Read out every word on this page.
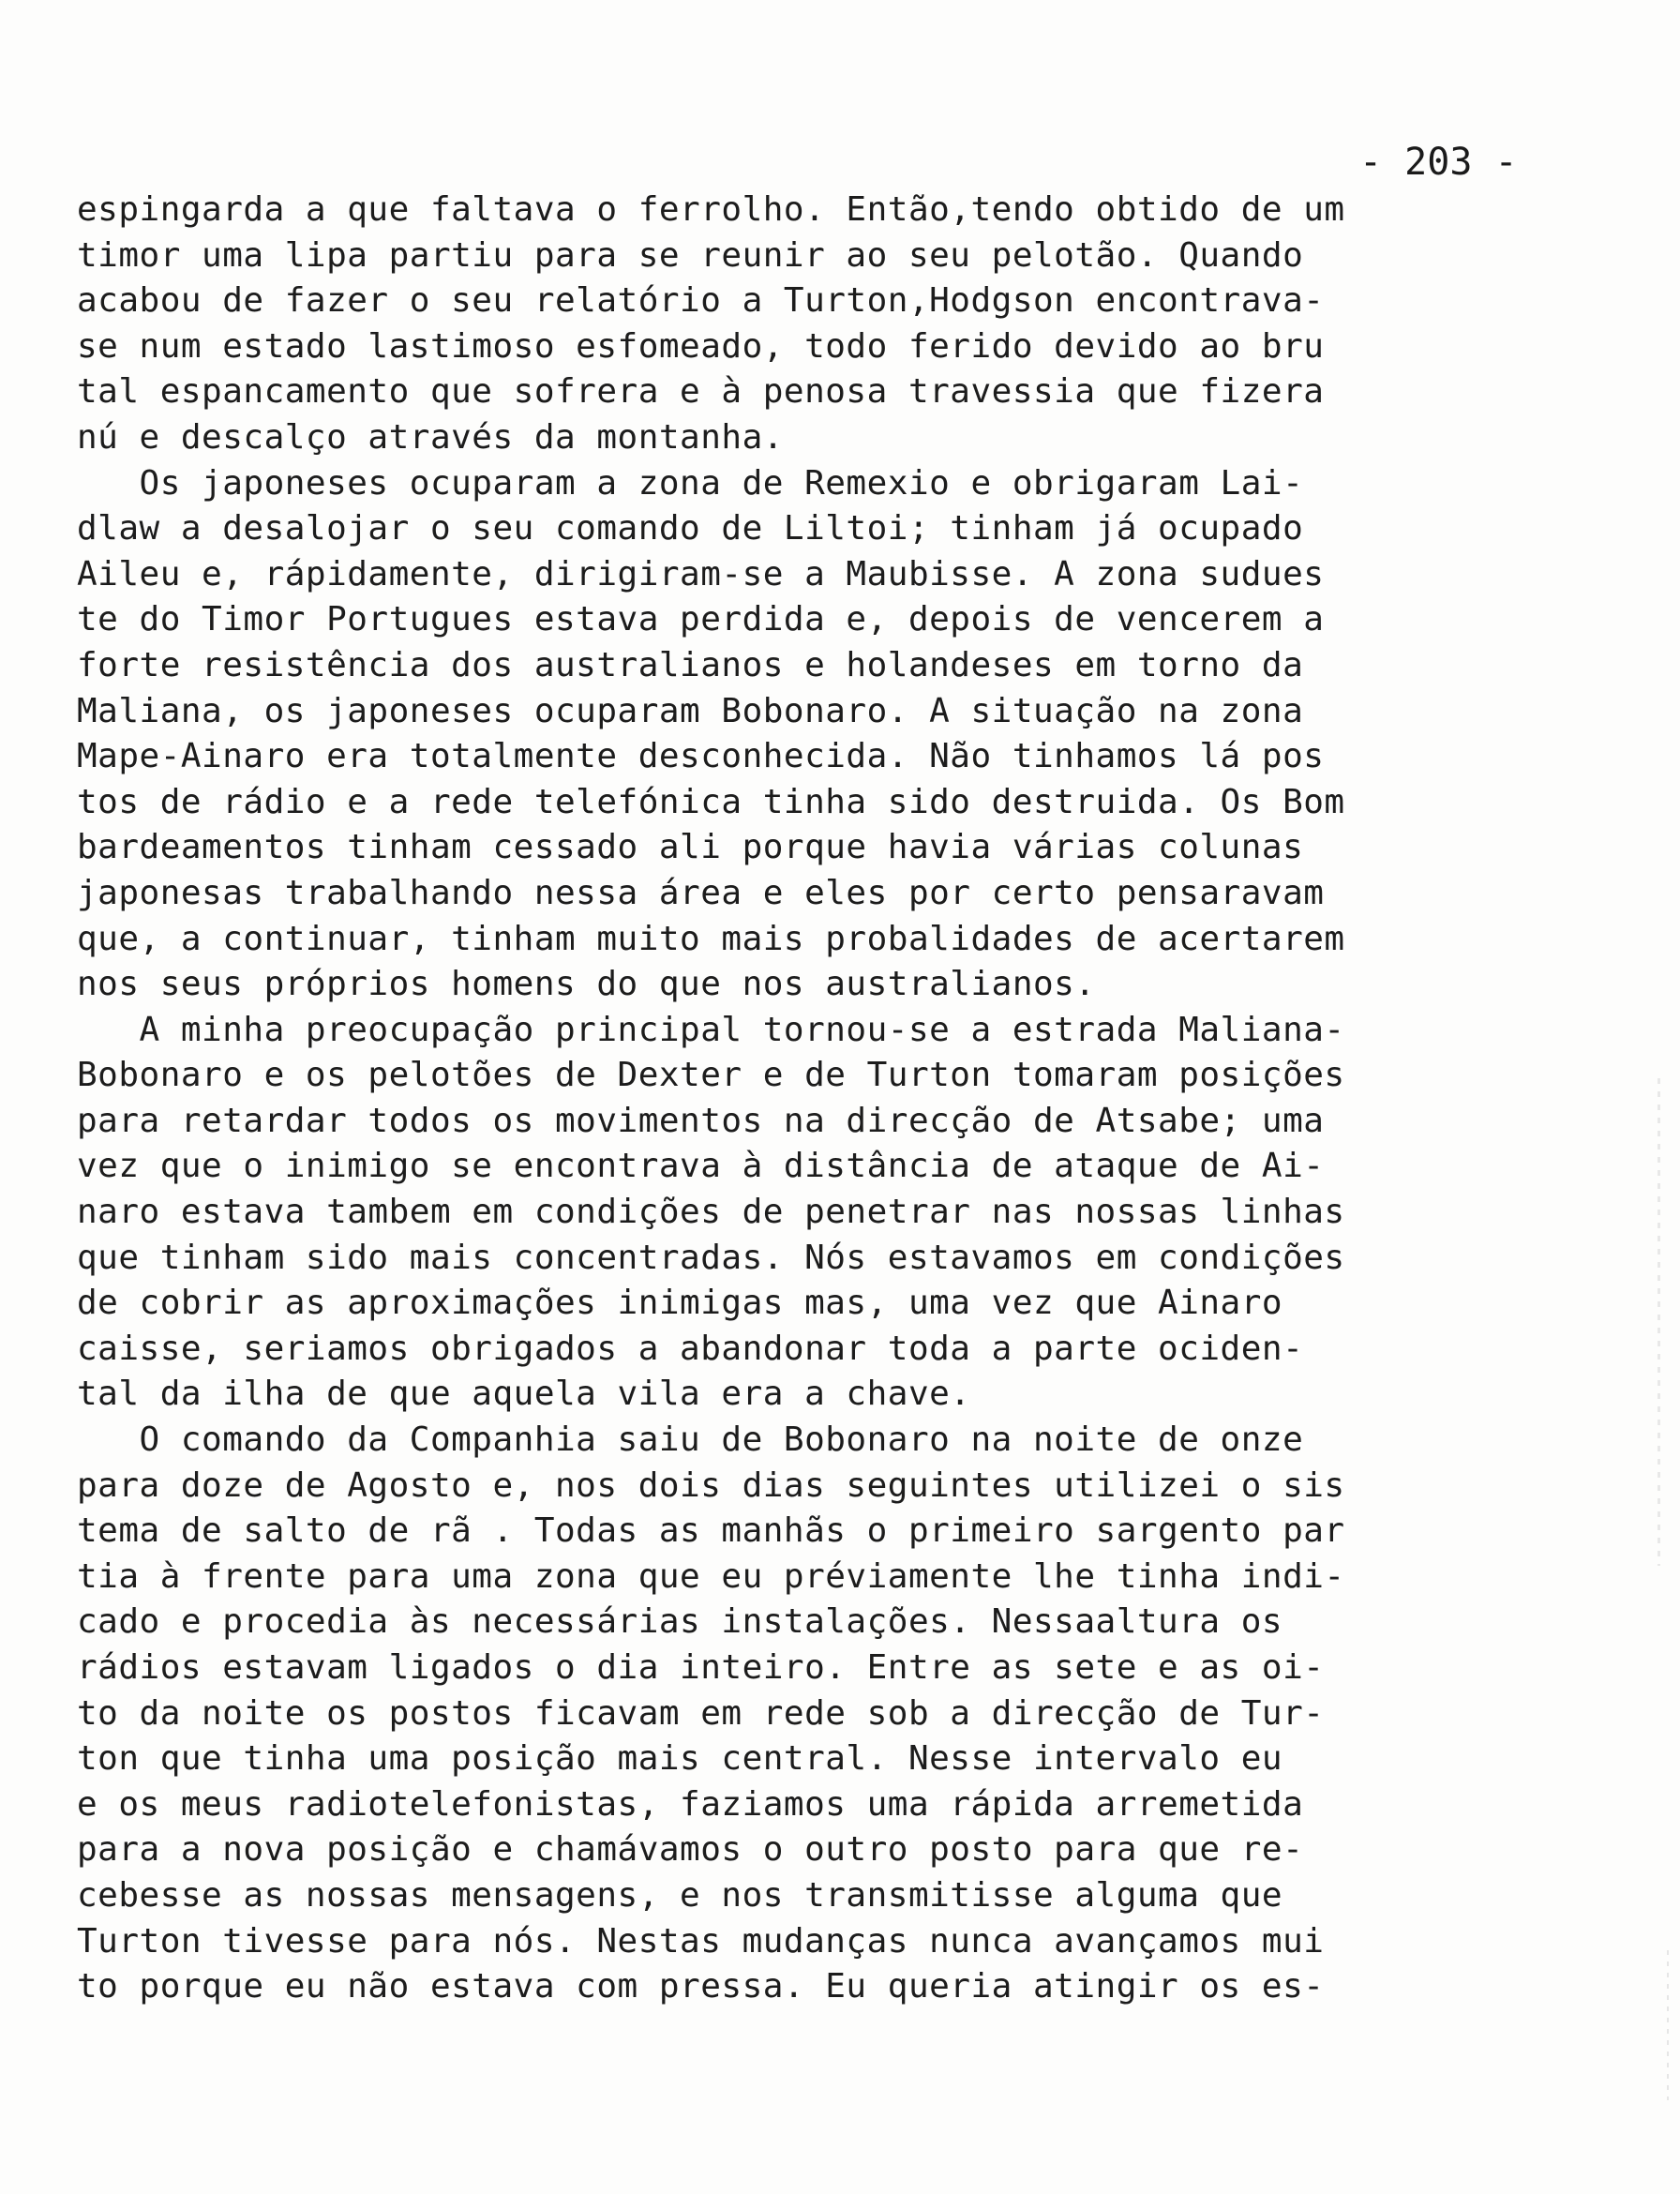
- 203 -
espingarda a que faltava o ferrolho. Então,tendo obtido de um
timor uma lipa partiu para se reunir ao seu pelotão. Quando
acabou de fazer o seu relatório a Turton,Hodgson encontrava-
se num estado lastimoso esfomeado, todo ferido devido ao bru
tal espancamento que sofrera e à penosa travessia que fizera
nú e descalço através da montanha.
Os japoneses ocuparam a zona de Remexio e obrigaram Lai-
dlaw a desalojar o seu comando de Liltoi; tinham já ocupado
Aileu e, rápidamente, dirigiram-se a Maubisse. A zona sudues
te do Timor Portugues estava perdida e, depois de vencerem a
forte resistência dos australianos e holandeses em torno da
Maliana, os japoneses ocuparam Bobonaro. A situação na zona
Mape-Ainaro era totalmente desconhecida. Não tinhamos lá pos
tos de rádio e a rede telefónica tinha sido destruida. Os Bom
bardeamentos tinham cessado ali porque havia várias colunas
japonesas trabalhando nessa área e eles por certo pensaravam
que, a continuar, tinham muito mais probalidades de acertarem
nos seus próprios homens do que nos australianos.
A minha preocupação principal tornou-se a estrada Maliana-
Bobonaro e os pelotões de Dexter e de Turton tomaram posições
para retardar todos os movimentos na direcção de Atsabe; uma
vez que o inimigo se encontrava à distância de ataque de Ai-
naro estava tambem em condições de penetrar nas nossas linhas
que tinham sido mais concentradas. Nós estavamos em condições
de cobrir as aproximações inimigas mas, uma vez que Ainaro
caisse, seriamos obrigados a abandonar toda a parte ociden-
tal da ilha de que aquela vila era a chave.
O comando da Companhia saiu de Bobonaro na noite de onze
para doze de Agosto e, nos dois dias seguintes utilizei o sis
tema de salto de rã . Todas as manhãs o primeiro sargento par
tia à frente para uma zona que eu préviamente lhe tinha indi-
cado e procedia às necessárias instalações. Nessaaltura os
rádios estavam ligados o dia inteiro. Entre as sete e as oi-
to da noite os postos ficavam em rede sob a direcção de Tur-
ton que tinha uma posição mais central. Nesse intervalo eu
e os meus radiotelefonistas, faziamos uma rápida arremetida
para a nova posição e chamávamos o outro posto para que re-
cebesse as nossas mensagens, e nos transmitisse alguma que
Turton tivesse para nós. Nestas mudanças nunca avançamos mui
to porque eu não estava com pressa. Eu queria atingir os es-
